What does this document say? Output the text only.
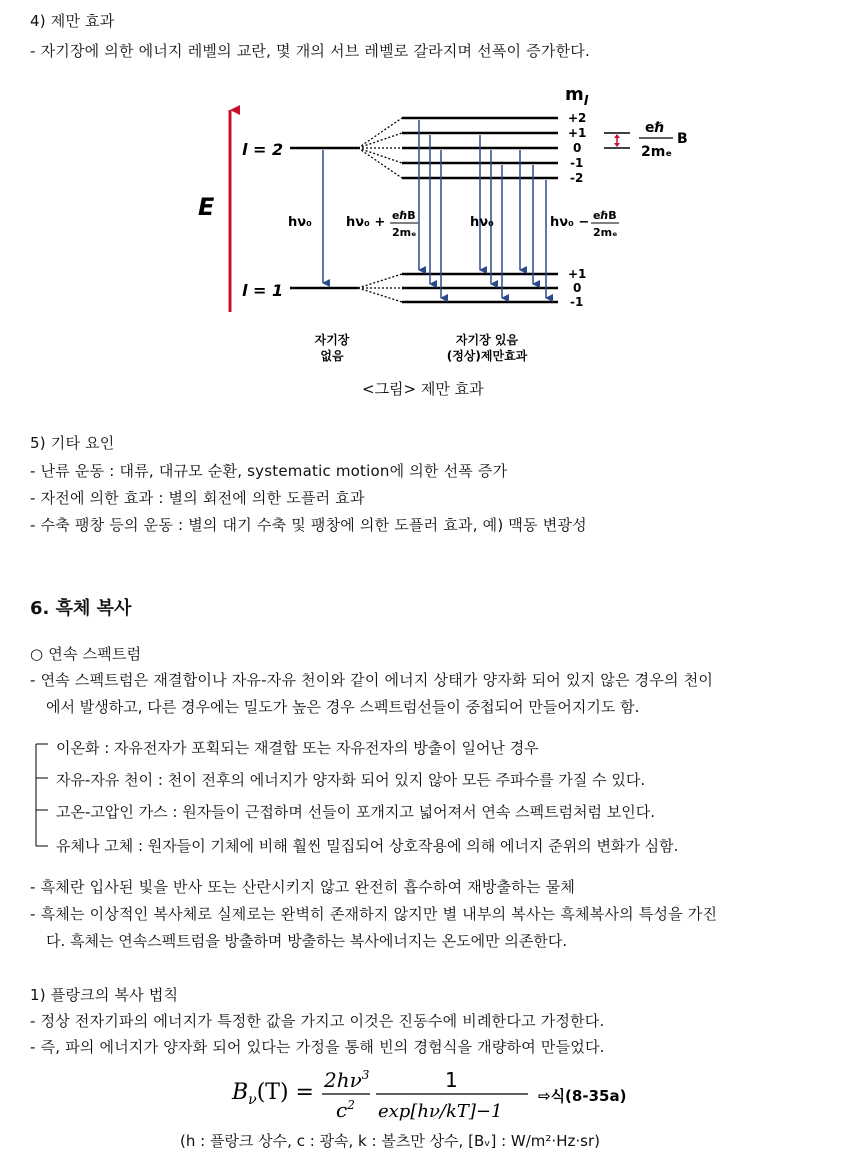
4) 제만 효과
- 자기장에 의한 에너지 레벨의 교란, 몇 개의 서브 레벨로 갈라지며 선폭이 증가한다.
E
l = 2
l = 1
$m_l$
+2
+1
0
-1
-2
+1
0
-1
hν₀	hν₀ + eℏB
2mₑ
hν₀	hν₀ − eℏB
2mₑ
eℏ
2mₑ
B
자기장
없음
자기장 있음
(정상)제만효과
<그림> 제만 효과
5) 기타 요인
- 난류 운동 : 대류, 대규모 순환, systematic motion에 의한 선폭 증가
- 자전에 의한 효과 : 별의 회전에 의한 도플러 효과
- 수축 팽창 등의 운동 : 별의 대기 수축 및 팽창에 의한 도플러 효과, 예) 맥동 변광성
6. 흑체 복사
○ 연속 스펙트럼
- 연속 스펙트럼은 재결합이나 자유-자유 천이와 같이 에너지 상태가 양자화 되어 있지 않은 경우의 천이
에서 발생하고, 다른 경우에는 밀도가 높은 경우 스펙트럼선들이 중첩되어 만들어지기도 함.
이온화 : 자유전자가 포획되는 재결합 또는 자유전자의 방출이 일어난 경우
자유-자유 천이 : 천이 전후의 에너지가 양자화 되어 있지 않아 모든 주파수를 가질 수 있다.
고온-고압인 가스 : 원자들이 근접하며 선들이 포개지고 넓어져서 연속 스펙트럼처럼 보인다.
유체나 고체 : 원자들이 기체에 비해 훨씬 밀집되어 상호작용에 의해 에너지 준위의 변화가 심함.
- 흑체란 입사된 빛을 반사 또는 산란시키지 않고 완전히 흡수하여 재방출하는 물체
- 흑체는 이상적인 복사체로 실제로는 완벽히 존재하지 않지만 별 내부의 복사는 흑체복사의 특성을 가진
다. 흑체는 연속스펙트럼을 방출하며 방출하는 복사에너지는 온도에만 의존한다.
1) 플랑크의 복사 법칙
- 정상 전자기파의 에너지가 특정한 값을 가지고 이것은 진동수에 비례한다고 가정한다.
- 즉, 파의 에너지가 양자화 되어 있다는 가정을 통해 빈의 경험식을 개량하여 만들었다.
$B_\nu(T) = 2h\nu^3$
$c^2$
1
exp[hν/kT]−1
⇨식(8-35a)
(h : 플랑크 상수, c : 광속, k : 볼츠만 상수, [Bᵥ] : W/m²·Hz·sr)
